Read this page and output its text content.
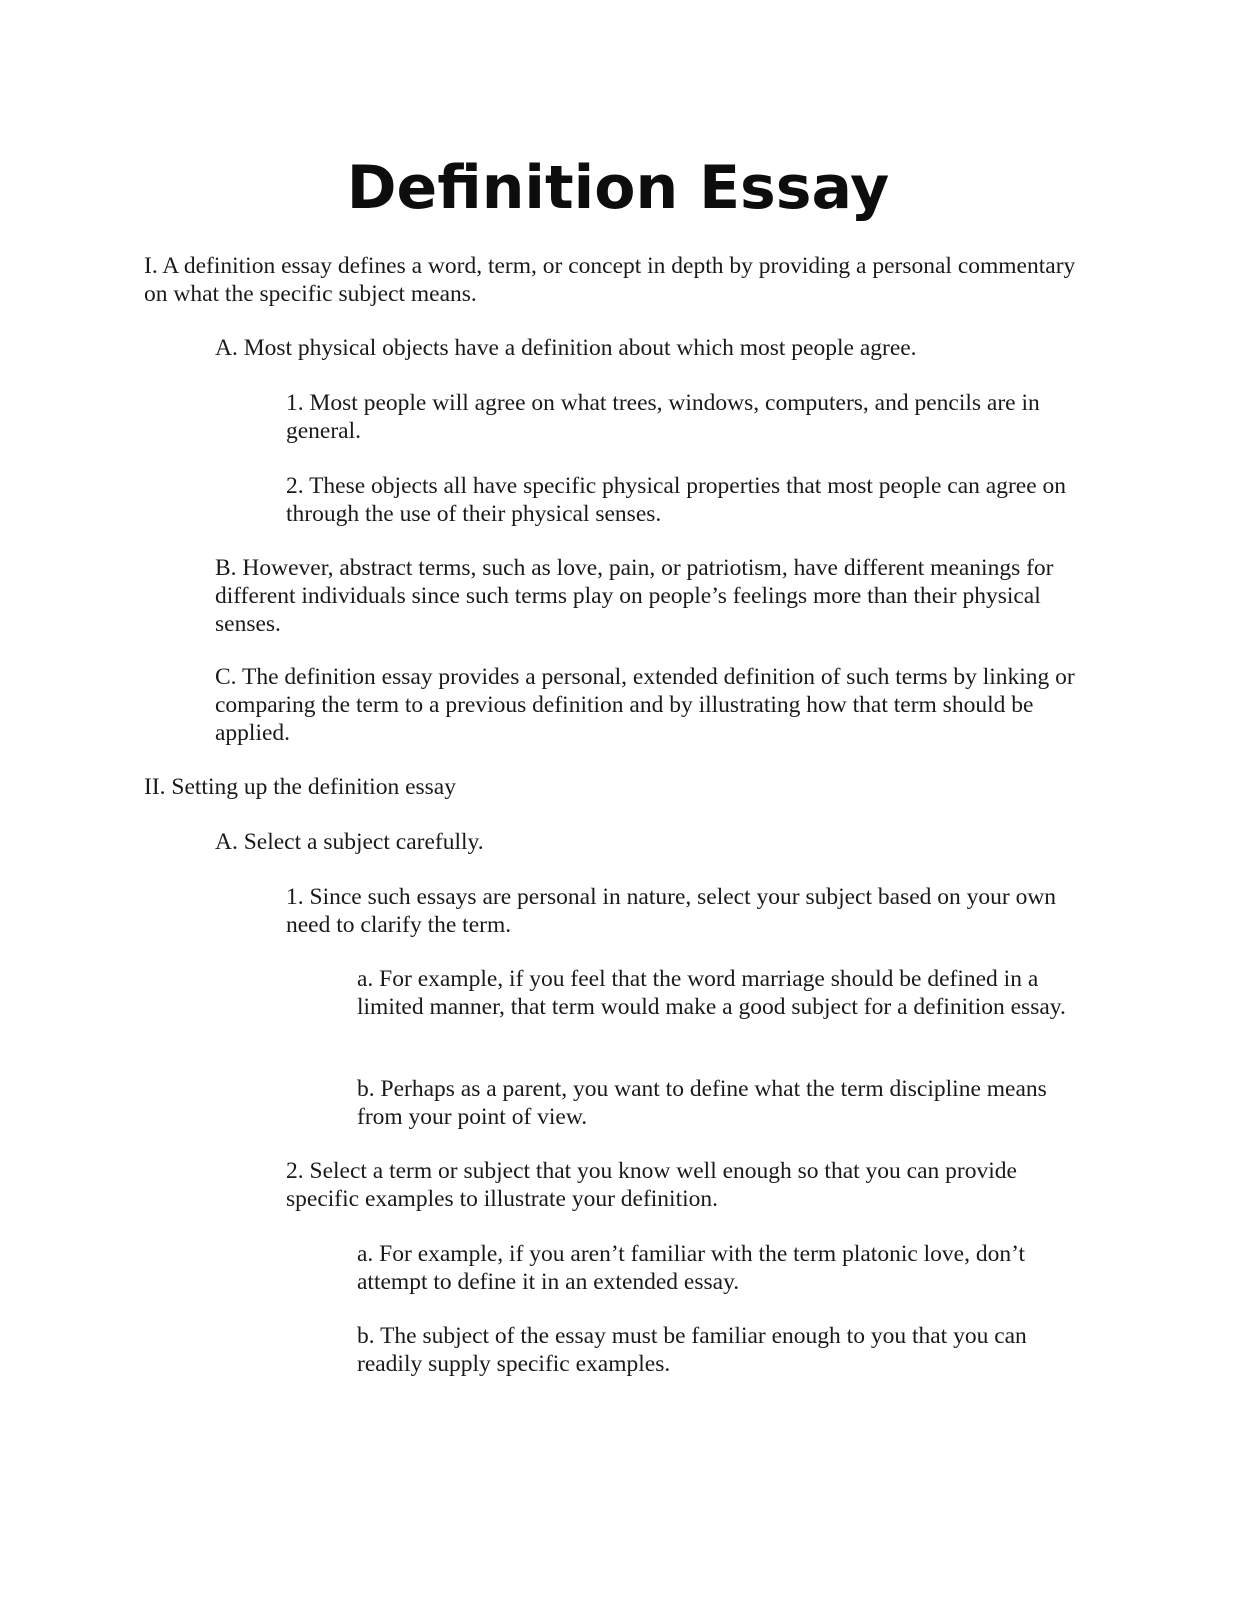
Definition Essay

I. A definition essay defines a word, term, or concept in depth by providing a personal commentary on what the specific subject means.

A. Most physical objects have a definition about which most people agree.

1. Most people will agree on what trees, windows, computers, and pencils are in general.

2. These objects all have specific physical properties that most people can agree on through the use of their physical senses.

B. However, abstract terms, such as love, pain, or patriotism, have different meanings for different individuals since such terms play on people’s feelings more than their physical senses.

C. The definition essay provides a personal, extended definition of such terms by linking or comparing the term to a previous definition and by illustrating how that term should be applied.

II. Setting up the definition essay

A. Select a subject carefully.

1. Since such essays are personal in nature, select your subject based on your own need to clarify the term.

a. For example, if you feel that the word marriage should be defined in a limited manner, that term would make a good subject for a definition essay.

b. Perhaps as a parent, you want to define what the term discipline means from your point of view.

2. Select a term or subject that you know well enough so that you can provide specific examples to illustrate your definition.

a. For example, if you aren’t familiar with the term platonic love, don’t attempt to define it in an extended essay.

b. The subject of the essay must be familiar enough to you that you can readily supply specific examples.
